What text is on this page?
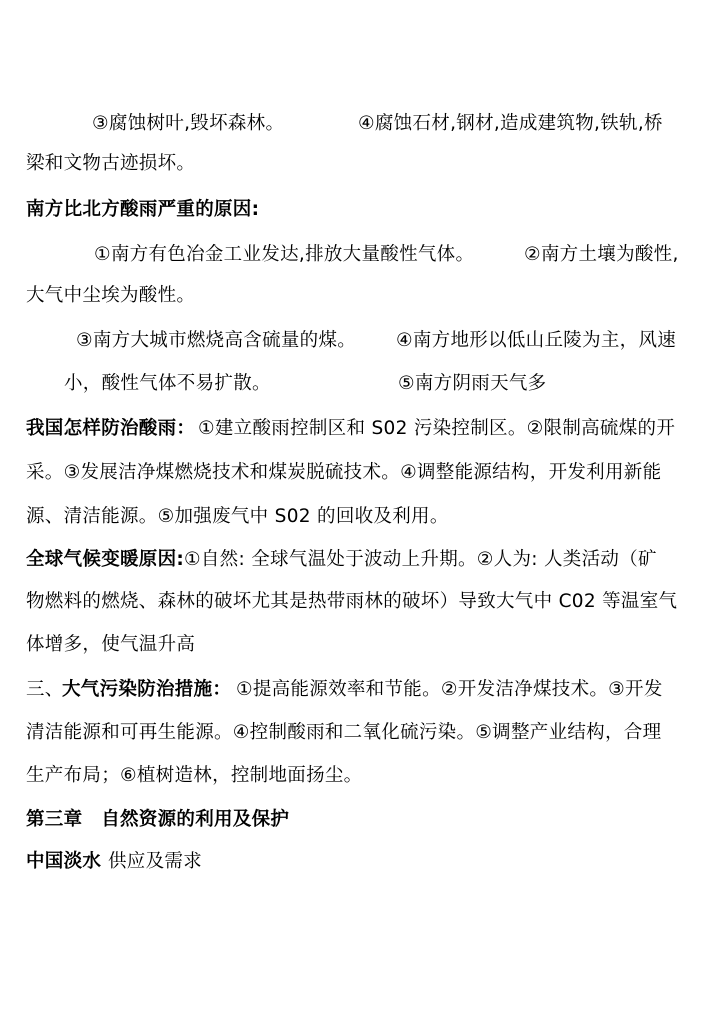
③腐蚀树叶,毁坏森林。	④腐蚀石材,钢材,造成建筑物,铁轨,桥
梁和文物古迹损坏。
南方比北方酸雨严重的原因:
①南方有色冶金工业发达,排放大量酸性气体。	②南方土壤为酸性,
大气中尘埃为酸性。
③南方大城市燃烧高含硫量的煤。 ④南方地形以低山丘陵为主，风速
小，酸性气体不易扩散。	⑤南方阴雨天气多
我国怎样防治酸雨： ①建立酸雨控制区和 S02 污染控制区。②限制高硫煤的开
采。③发展洁净煤燃烧技术和煤炭脱硫技术。④调整能源结构，开发利用新能
源、清洁能源。⑤加强废气中 S02 的回收及利用。
全球气候变暖原因: ①自然: 全球气温处于波动上升期。②人为: 人类活动（矿
物燃料的燃烧、森林的破坏尤其是热带雨林的破坏）导致大气中 C02 等温室气
体增多，使气温升高
三、
大气污染防治措施： ①提高能源效率和节能。②开发洁净煤技术。③开发
清洁能源和可再生能源。④控制酸雨和二氧化硫污染。⑤调整产业结构，合理
生产布局；⑥植树造林，控制地面扬尘。
第三章　自然资源的利用及保护
中国淡水 供应及需求
